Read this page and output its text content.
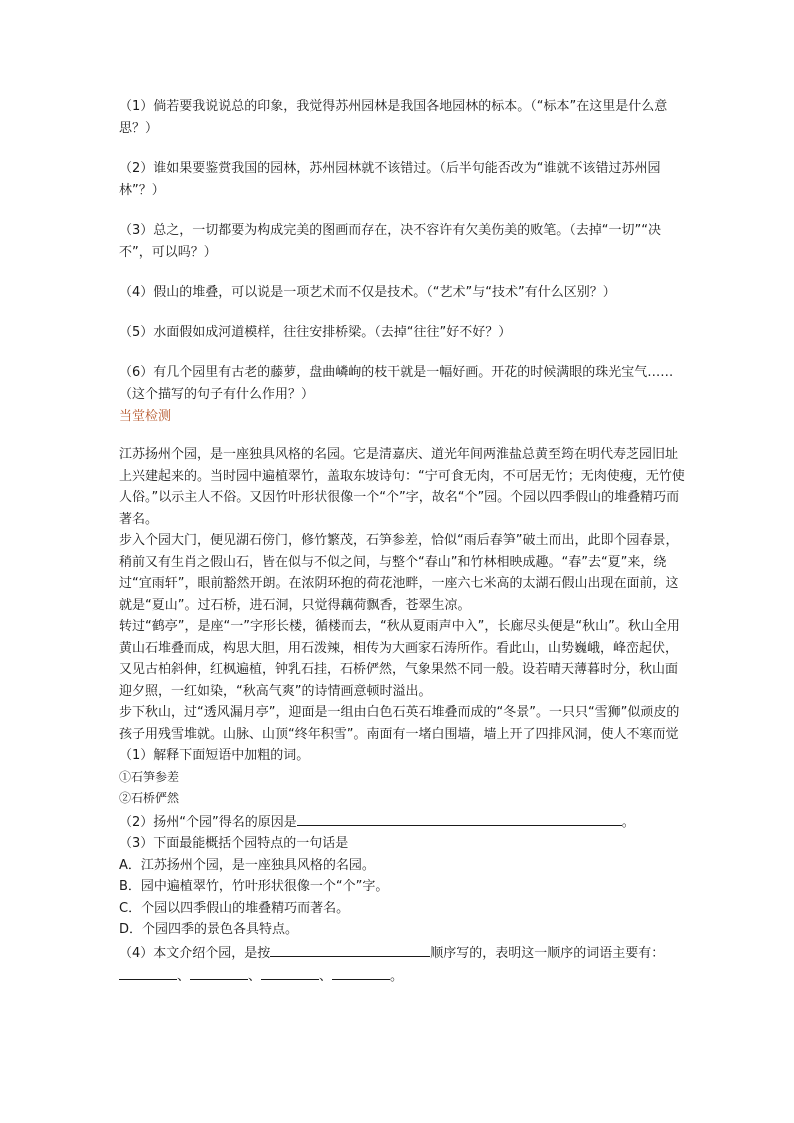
（1）倘若要我说说总的印象，我觉得苏州园林是我国各地园林的标本。（“标本”在这里是什么意思？）

（2）谁如果要鉴赏我国的园林，苏州园林就不该错过。（后半句能否改为“谁就不该错过苏州园林”？）

（3）总之，一切都要为构成完美的图画而存在，决不容许有欠美伤美的败笔。（去掉“一切”“决不”，可以吗？）

（4）假山的堆叠，可以说是一项艺术而不仅是技术。（“艺术”与“技术”有什么区别？）

（5）水面假如成河道模样，往往安排桥梁。（去掉“往往”好不好？）

（6）有几个园里有古老的藤萝，盘曲嶙峋的枝干就是一幅好画。开花的时候满眼的珠光宝气……（这个描写的句子有什么作用？）

当堂检测

江苏扬州个园，是一座独具风格的名园。它是清嘉庆、道光年间两淮盐总黄至筠在明代寿芝园旧址上兴建起来的。当时园中遍植翠竹，盖取东坡诗句：“宁可食无肉，不可居无竹；无肉使瘦，无竹使人俗。”以示主人不俗。又因竹叶形状很像一个“个”字，故名“个”园。个园以四季假山的堆叠精巧而著名。

步入个园大门，便见湖石傍门，修竹繁茂，石笋参差，恰似“雨后春笋”破土而出，此即个园春景，稍前又有生肖之假山石，皆在似与不似之间，与整个“春山”和竹林相映成趣。“春”去“夏”来，绕过“宜雨轩”，眼前豁然开朗。在浓阴环抱的荷花池畔，一座六七米高的太湖石假山出现在面前，这就是“夏山”。过石桥，进石洞，只觉得藕荷飘香，苍翠生凉。

转过“鹤亭”，是座“一”字形长楼，循楼而去，“秋从夏雨声中入”，长廊尽头便是“秋山”。秋山全用黄山石堆叠而成，构思大胆，用石泼辣，相传为大画家石涛所作。看此山，山势巍峨，峰峦起伏，又见古柏斜伸，红枫遍植，钟乳石挂，石桥俨然，气象果然不同一般。设若晴天薄暮时分，秋山面迎夕照，一红如染，“秋高气爽”的诗情画意顿时溢出。

步下秋山，过“透风漏月亭”，迎面是一组由白色石英石堆叠而成的“冬景”。一只只“雪狮”似顽皮的孩子用残雪堆就。山脉、山顶“终年积雪”。南面有一堵白围墙，墙上开了四排风洞，使人不寒而觉

（1）解释下面短语中加粗的词。

①石笋参差

②石桥俨然

（2）扬州“个园”得名的原因是	。

（3）下面最能概括个园特点的一句话是

A．江苏扬州个园，是一座独具风格的名园。

B．园中遍植翠竹，竹叶形状很像一个“个”字。

C．个园以四季假山的堆叠精巧而著名。

D．个园四季的景色各具特点。

（4）本文介绍个园，是按	顺序写的，表明这一顺序的词语主要有：

、	、	、	。
